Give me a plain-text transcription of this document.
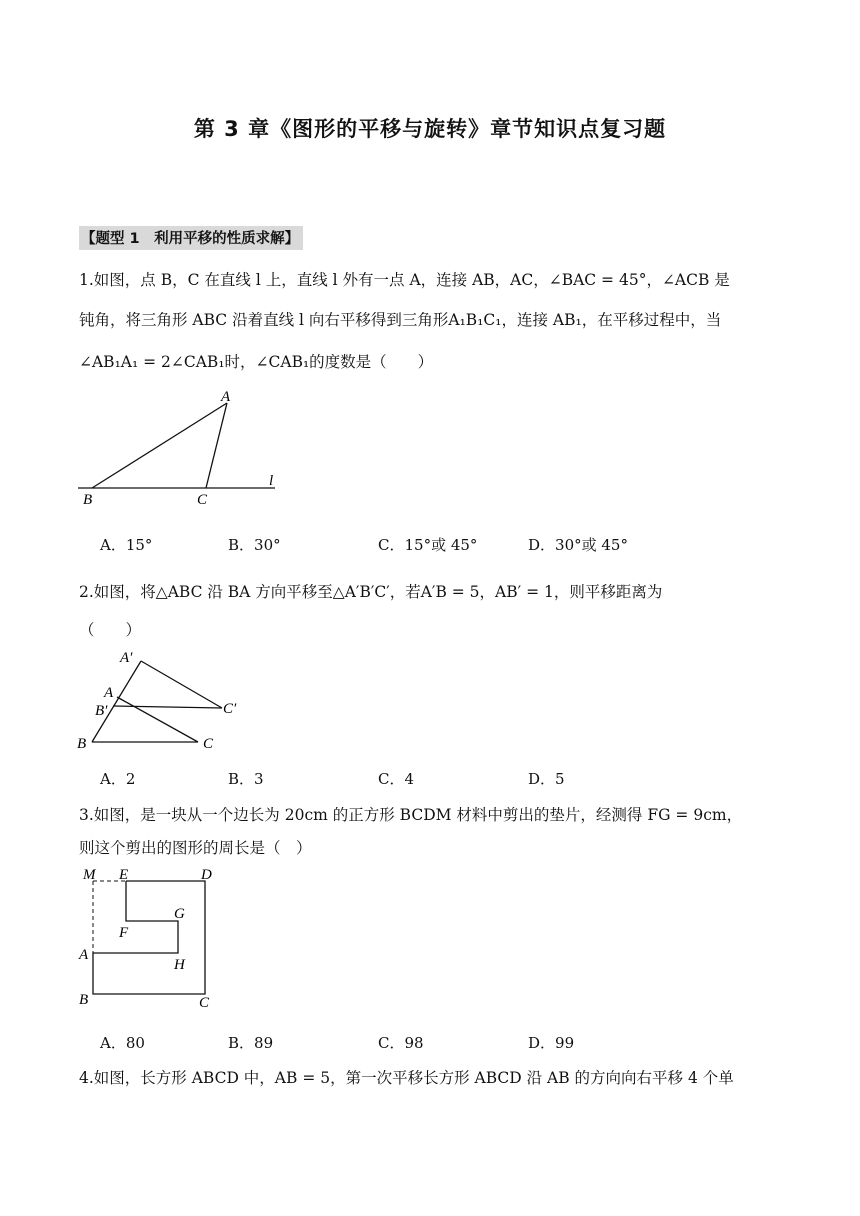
第 3 章《图形的平移与旋转》章节知识点复习题
【题型 1　利用平移的性质求解】
1.如图，点 B，C 在直线 l 上，直线 l 外有一点 A，连接 AB，AC，∠BAC = 45°，∠ACB 是
钝角，将三角形 ABC 沿着直线 l 向右平移得到三角形A₁B₁C₁，连接 AB₁，在平移过程中，当
∠AB₁A₁ = 2∠CAB₁时，∠CAB₁的度数是（　　）
A
B	C
l
A．15°	B．30°	C．15°或 45°	D．30°或 45°
2.如图，将△ABC 沿 BA 方向平移至△A′B′C′，若A′B = 5，AB′ = 1，则平移距离为
（　　）
A′
A
B′	C′
B	C
A．2	B．3	C．4	D．5
3.如图，是一块从一个边长为 20cm 的正方形 BCDM 材料中剪出的垫片，经测得 FG = 9cm，
则这个剪出的图形的周长是（　）
M E	D
G
F
A
H
B	C
A．80	B．89	C．98	D．99
4.如图，长方形 ABCD 中，AB = 5，第一次平移长方形 ABCD 沿 AB 的方向向右平移 4 个单
